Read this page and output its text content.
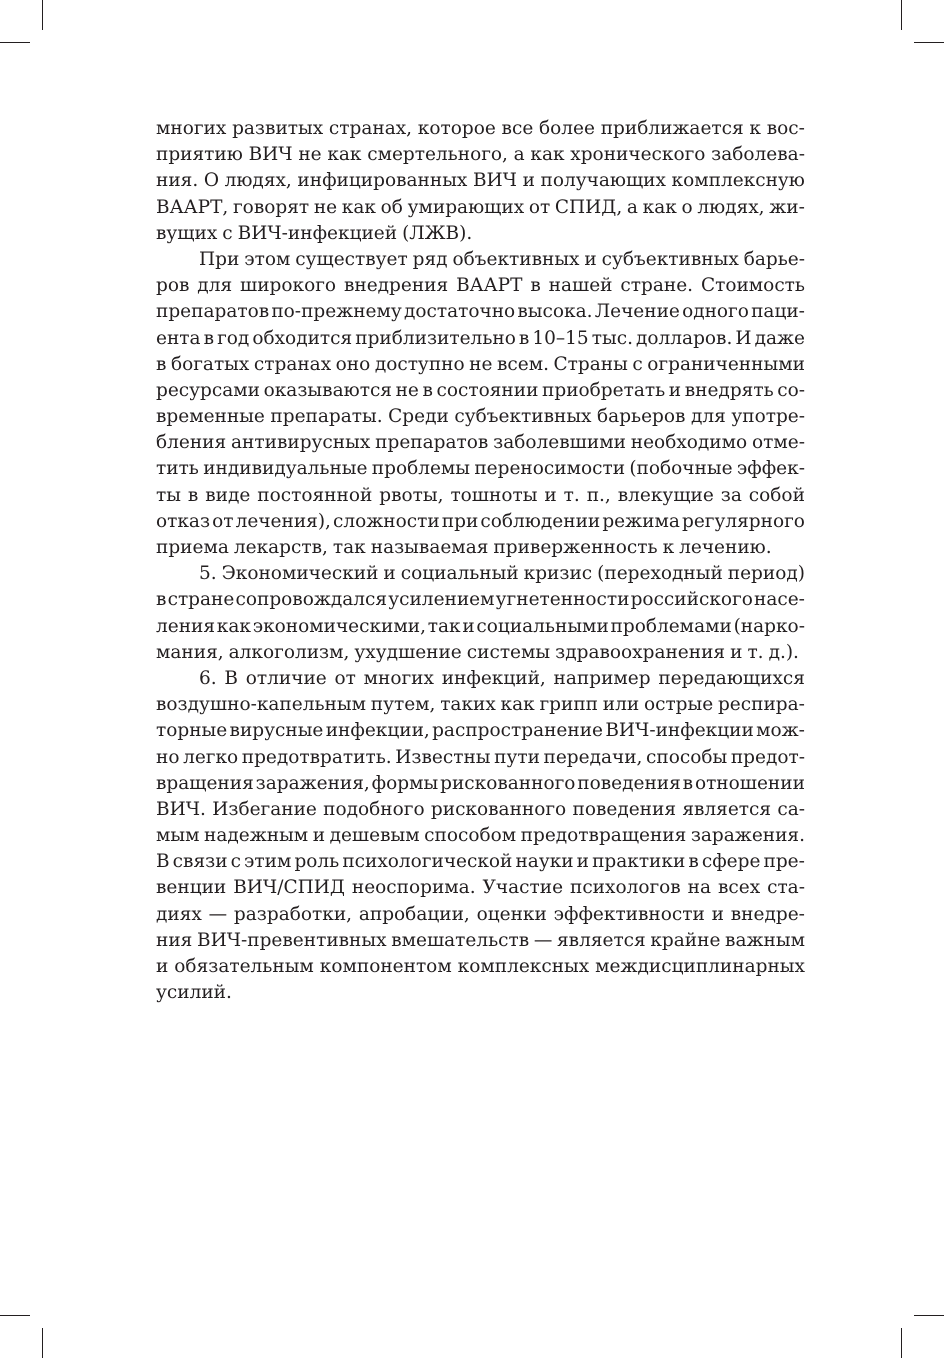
многих развитых странах, которое все более приближается к вос-
приятию ВИЧ не как смертельного, а как хронического заболева-
ния. О людях, инфицированных ВИЧ и получающих комплексную
ВААРТ, говорят не как об умирающих от СПИД, а как о людях, жи-
вущих с ВИЧ-инфекцией (ЛЖВ).
При этом существует ряд объективных и субъективных барье-
ров для широкого внедрения ВААРТ в нашей стране. Стоимость
препаратов по-прежнему достаточно высока. Лечение одного паци-
ента в год обходится приблизительно в 10–15 тыс. долларов. И даже
в богатых странах оно доступно не всем. Страны с ограниченными
ресурсами оказываются не в состоянии приобретать и внедрять со-
временные препараты. Среди субъективных барьеров для употре-
бления антивирусных препаратов заболевшими необходимо отме-
тить индивидуальные проблемы переносимости (побочные эффек-
ты в виде постоянной рвоты, тошноты и т. п., влекущие за собой
отказ от лечения), сложности при соблюдении режима регулярного
приема лекарств, так называемая приверженность к лечению.
5. Экономический и социальный кризис (переходный период)
в стране сопровождался усилением угнетенности российского насе-
ления как экономическими, так и социальными проблемами (нарко-
мания, алкоголизм, ухудшение системы здравоохранения и т. д.).
6. В отличие от многих инфекций, например передающихся
воздушно-капельным путем, таких как грипп или острые респира-
торные вирусные инфекции, распространение ВИЧ-инфекции мож-
но легко предотвратить. Известны пути передачи, способы предот-
вращения заражения, формы рискованного поведения в отношении
ВИЧ. Избегание подобного рискованного поведения является са-
мым надежным и дешевым способом предотвращения заражения.
В связи с этим роль психологической науки и практики в сфере пре-
венции ВИЧ/СПИД неоспорима. Участие психологов на всех ста-
диях — разработки, апробации, оценки эффективности и внедре-
ния ВИЧ-превентивных вмешательств — является крайне важным
и обязательным компонентом комплексных междисциплинарных
усилий.
